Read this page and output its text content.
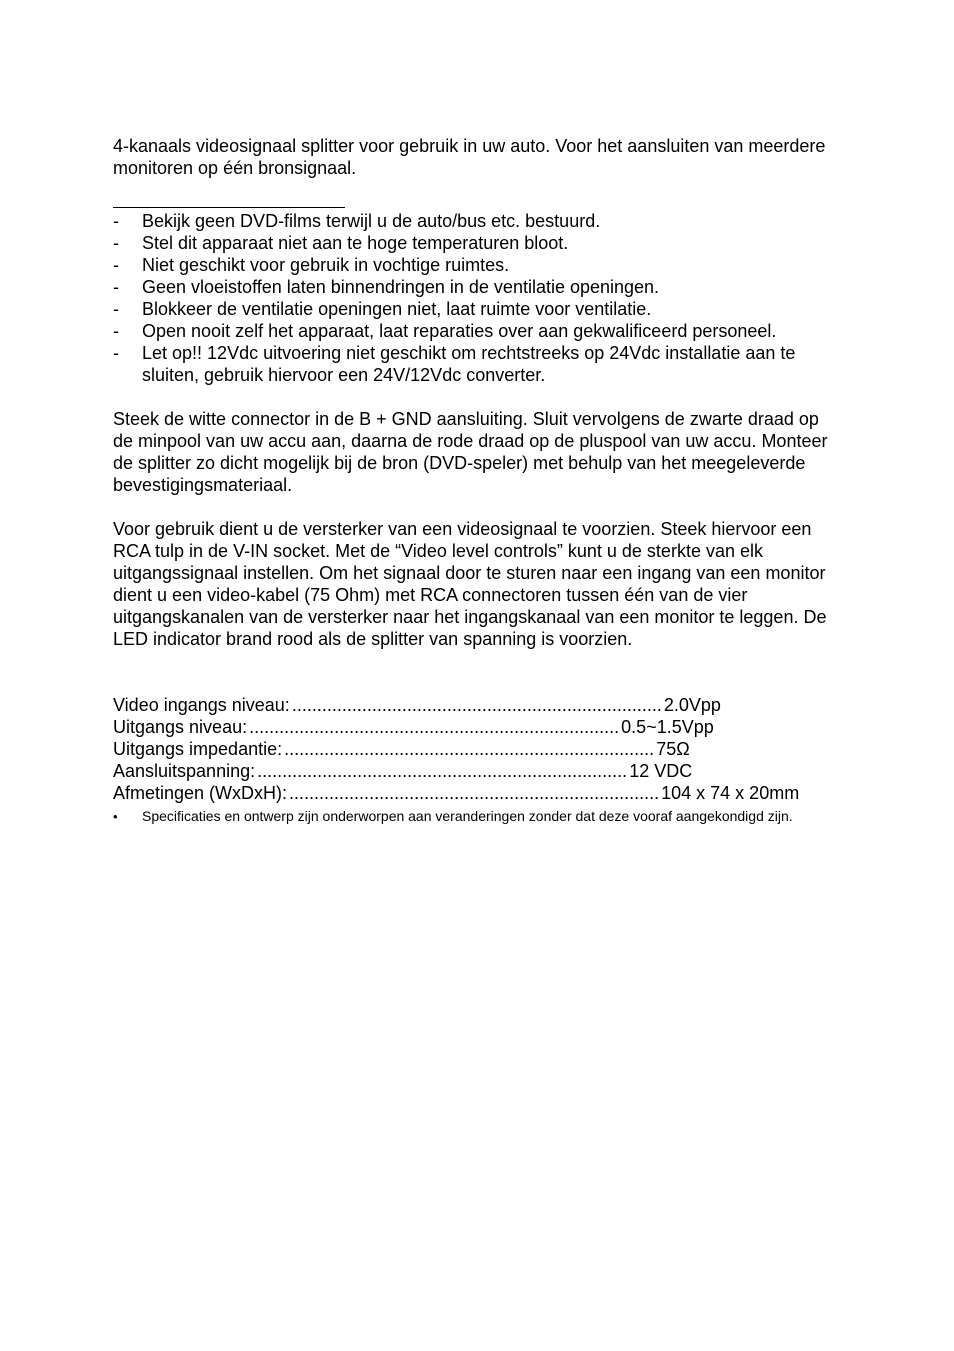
4-kanaals videosignaal splitter voor gebruik in uw auto. Voor het aansluiten van meerdere monitoren op één bronsignaal.

- Bekijk geen DVD-films terwijl u de auto/bus etc. bestuurd.
- Stel dit apparaat niet aan te hoge temperaturen bloot.
- Niet geschikt voor gebruik in vochtige ruimtes.
- Geen vloeistoffen laten binnendringen in de ventilatie openingen.
- Blokkeer de ventilatie openingen niet, laat ruimte voor ventilatie.
- Open nooit zelf het apparaat, laat reparaties over aan gekwalificeerd personeel.
- Let op!! 12Vdc uitvoering niet geschikt om rechtstreeks op 24Vdc installatie aan te sluiten, gebruik hiervoor een 24V/12Vdc converter.

Steek de witte connector in de B + GND aansluiting. Sluit vervolgens de zwarte draad op de minpool van uw accu aan, daarna de rode draad op de pluspool van uw accu. Monteer de splitter zo dicht mogelijk bij de bron (DVD-speler) met behulp van het meegeleverde bevestigingsmateriaal.

Voor gebruik dient u de versterker van een videosignaal te voorzien. Steek hiervoor een RCA tulp in de V-IN socket. Met de “Video level controls” kunt u de sterkte van elk uitgangssignaal instellen. Om het signaal door te sturen naar een ingang van een monitor dient u een video-kabel (75 Ohm) met RCA connectoren tussen één van de vier uitgangskanalen van de versterker naar het ingangskanaal van een monitor te leggen. De LED indicator brand rood als de splitter van spanning is voorzien.

Video ingangs niveau: .......................................................................... 2.0Vpp
Uitgangs niveau: .......................................................................... 0.5~1.5Vpp
Uitgangs impedantie: .......................................................................... 75Ω
Aansluitspanning: .......................................................................... 12 VDC
Afmetingen (WxDxH): .......................................................................... 104 x 74 x 20mm
• Specificaties en ontwerp zijn onderworpen aan veranderingen zonder dat deze vooraf aangekondigd zijn.
